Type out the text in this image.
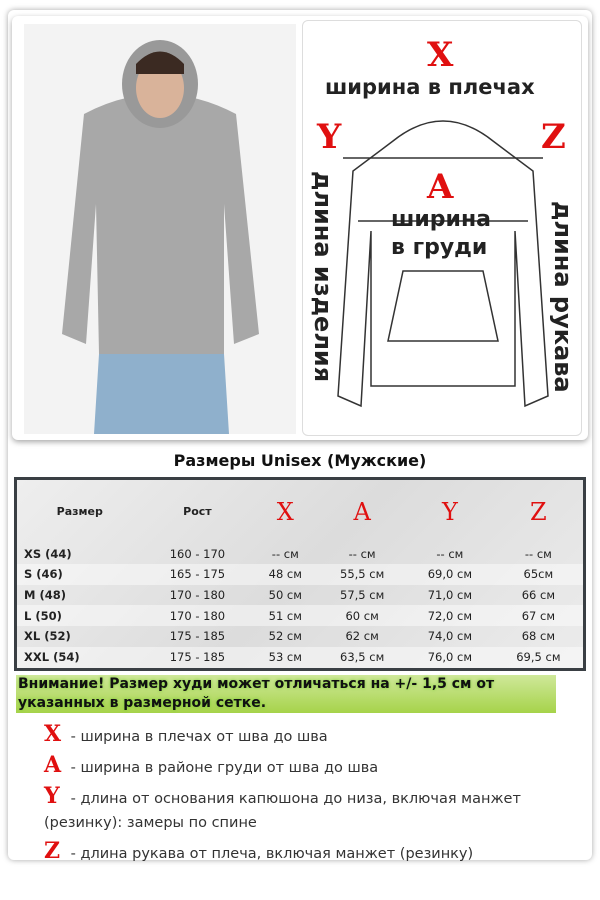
X
ширина в плечах
Y	Z
A
ширина
в груди
длина изделия	длина рукава
Размеры Unisex (Мужские)
Размер	Рост	X	A	Y	Z
XS (44)	160 - 170	-- см	-- см	-- см	-- см
S (46)	165 - 175	48 см	55,5 см	69,0 см	65см
M (48)	170 - 180	50 см	57,5 см	71,0 см	66 см
L (50)	170 - 180	51 см	60 см	72,0 см	67 см
XL (52)	175 - 185	52 см	62 см	74,0 см	68 см
XXL (54)	175 - 185	53 см	63,5 см	76,0 см	69,5 см
Внимание! Размер худи может отличаться на +/- 1,5 см от указанных в размерной сетке.
X - ширина в плечах от шва до шва
A - ширина в районе груди от шва до шва
Y - длина от основания капюшона до низа, включая манжет (резинку): замеры по спине
Z - длина рукава от плеча, включая манжет (резинку)
